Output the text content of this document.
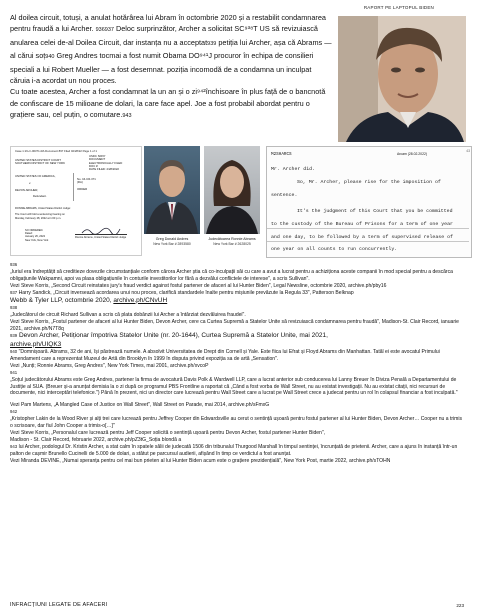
RAPORT PE LAPTOPUL BIDEN
Al doilea circuit, totuși, a anulat hotărârea lui Abram în octombrie 2020 și a restabilit condamnarea pentru fraudă a lui Archer. 936937 Deloc surprinzător, Archer a solicitat SC⁹³⁸T US să revizuiască anularea celei de-al Doilea Circuit, dar instanța nu a acceptat939 petiția lui Archer, așa că Abrams — al cărui soț940 Greg Andres tocmai a fost numit Obama DO⁹⁴¹J procuror în echipa de consilieri speciali a lui Robert Mueller — a fost desemnat. poziția incomodă de a condamna un inculpat căruia i-a acordat un nou proces.
Cu toate acestea, Archer a fost condamnat la un an și o zi⁹⁴²închisoare în plus față de o bancnotă de confiscare de 15 milioane de dolari, la care face apel. Joe a fost probabil abordat pentru o grațiere sau, cel puțin, o comutare.943
Case 1:16-cr-00371-RA Document 897 Filed 02/28/22 Page 1 of 1
USDC SDNY
DOCUMENT
ELECTRONICALLY FILED
DOC #:
DATE FILED: 2/28/2022
UNITED STATES DISTRICT COURT
SOUTHERN DISTRICT OF NEW YORK
UNITED STATES OF AMERICA,

v.

DEVON ARCHER,

Defendant.
No. 16-CR-371
(RA)

ORDER
RONNIE ABRAMS, United States District Judge:

The Court will hold a sentencing hearing on
Monday, February 28, 2022 at 1:00 p.m.
SO ORDERED.
Dated:
January 26, 2022
New York, New York
Ronnie Abrams, United States District Judge	Greg Donald Andres
New York Bar # 2893580
Judecătoarea Ronnie Abrams
New York Bar # 2628025
M2SHARCS	Arcam (28.02.2022)
43
Mr. Archer did.
So, Mr. Archer, please rise for the imposition of
sentence.
It's the judgment of this Court that you be committed
to the custody of the Bureau of Prisons for a term of one year
and one day, to be followed by a term of supervised release of
one year on all counts to run concurrently.
936
„Iuriul era îndreptățit să creditieze dovezile circumstanțiale conform cărora Archer știa că co-inculpații săi cu care a avut a lucrat pentru a achiziționa aceste companii în mod special pentru a descărca obligațiunile Wakpamni, apoi va plasa obligațiunile în conturile investitorilor lor fără a dezvălui conflictele de interese", a scris Sullivan".
Vezi Steve Korris, „Second Circuit reinstates jury's fraud verdict against fostul partener de afaceri al lui Hunter Biden", Legal Newsline, octombrie 2020, archive.ph/pby16
937 Harry Sandick, „Circuit inversează acordarea unui nou proces, clarifică standardele înalte pentru mișiunile prevăzute la Regula 33", Patterson Belknap
Webb & Tyler LLP, octombrie 2020, archive.ph/CNvUH
938
„Judecătorul de circuit Richard Sullivan a scris că plata dobânzii lui Archer a întârziat dezvăluirea fraudei".
Vezi Steve Korris, „Fostul partener de afaceri al lui Hunter Biden, Devon Archer, cere ca Curtea Supremă a Statelor Unite să revizuiască condamnarea pentru fraudă", Madison-St. Clair Record, ianuarie 2021, archive.ph/N7T8q
939 Devon Archer, Petiționar împotriva Statelor Unite (nr. 20-1644), Curtea Supremă a Statelor Unite, mai 2021,
archive.ph/UIQK3
940 "Domnișoară. Abrams, 32 de ani, își păstrează numele. A absolvit Universitatea de Drept din Cornell și Yale. Este fiica lui Efrat și Floyd Abrams din Manhattan. Tatăl ei este avocatul Primului Amendament care a reprezentat Muzeul de Artă din Brooklyn în 1999 în disputa privind expoziția sa de artă „Sensation".
Vezi „Nunți; Ronnie Abrams, Greg Andres", New York Times, mai 2001, archive.ph/xvcoP
941
„Soțul judecătorului Abrams este Greg Andres, partener la firma de avocatură Davis Polk & Wardwell LLP, care a lucrat anterior sub conducerea lui Lanny Breuer în Diviza Penală a Departamentului de Justiție al SUA. (Breuer și-a anunțat demisia la o zi după ce programul PBS Frontline a raportat că „Când a fost vorba de Wall Street, nu au existat investigații. Nu au existat citații, nici recursuri de documente, nici interceptări telefonice.") Până în prezent, nici un director care lucrează pentru Wall Street care a lucrat pe Wall Street crece a judecat pentru un rol în colapsul financiar a fost inculpată."
Vezi Pam Martens, „A Mangled Case of Justice on Wall Street", Wall Street on Parade, mai 2014, archive.ph/sFmxG
942
„Kristopher Lakin de la Wood River și alți trei care lucrează pentru Jeffrey Cooper din Edwardsville au cerut o sentință ușoară pentru fostul partener al lui Hunter Biden, Devon Archer… Cooper nu a trimis o scrisoare, dar fiul John Cooper a trimis-o[…]"
Vezi Steve Korris, „Personalul care lucrează pentru Jeff Cooper solicită o sentință ușoară pentru Devon Archer, fostul partener Hunter Biden",
Madison - St. Clair Record, februarie 2022, archive.ph/pZ3tG_Soția blondă a
943 lui Archer, podologul Dr. Kristin Archer, a stat calm în spatele sălii de judecată 1506 din tribunalul Thurgood Marshall în timpul sentinței, încrunțată de prietenii. Archer, care a ajuns în instanță într-un palton de cașmir Brunello Cucinelli de 5.000 de dolari, a stătut pe parcursul audierii, afișând în timp ce verdictul a fost anunțat.
Vezi Miranda DEVINE, „Numai speranța pentru cel mai bun prieten al lui Hunter Biden acum este o grațiere prezidențială", New York Post, martie 2022, archive.ph/sTOHN
INFRACȚIUNI LEGATE DE AFACERI	223
